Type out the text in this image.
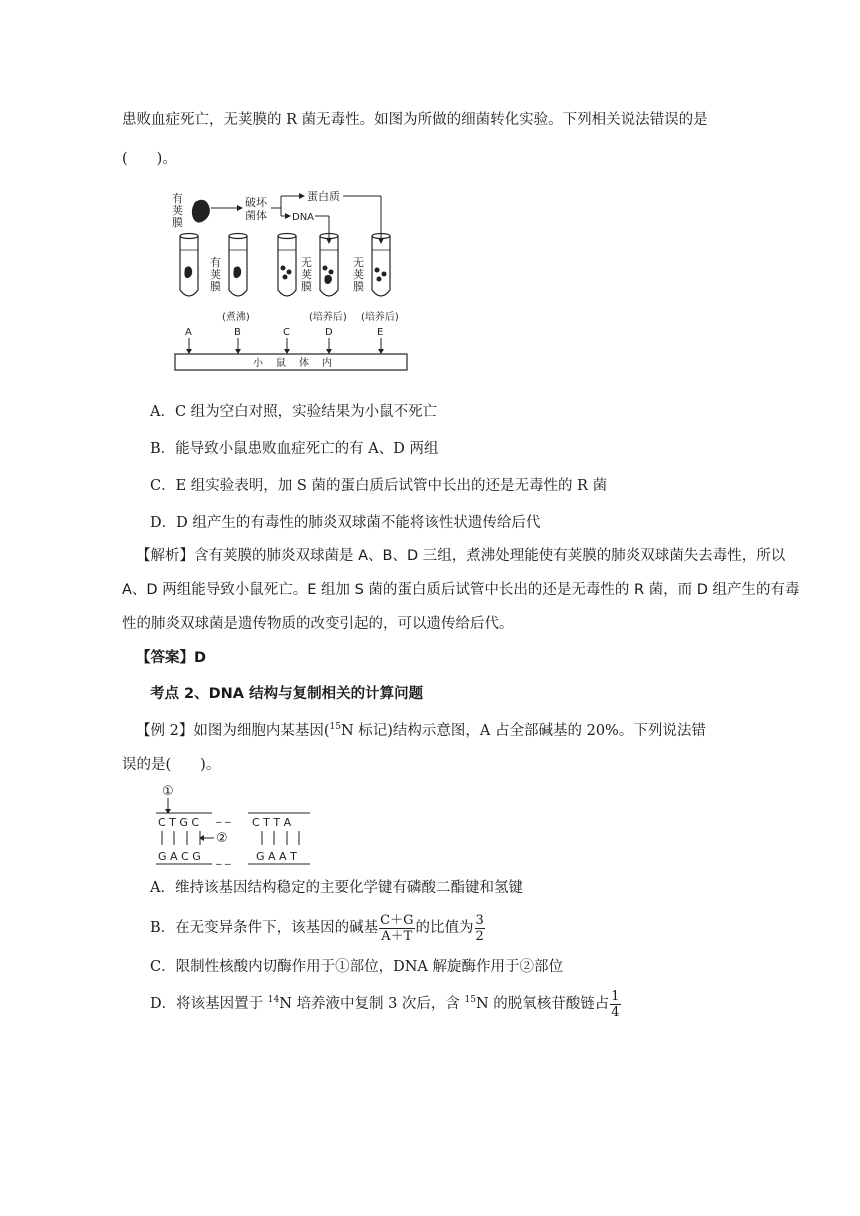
患败血症死亡，无荚膜的 R 菌无毒性。如图为所做的细菌转化实验。下列相关说法错误的是
(　　)。
有
荚
膜
破坏
菌体
蛋白质
DNA
有
荚
膜
无
荚
膜
无
荚
膜
(煮沸)	(培养后) (培养后)
A	B	C	D	E
小 鼠 体 内
A．C 组为空白对照，实验结果为小鼠不死亡
B．能导致小鼠患败血症死亡的有 A、D 两组
C．E 组实验表明，加 S 菌的蛋白质后试管中长出的还是无毒性的 R 菌
D．D 组产生的有毒性的肺炎双球菌不能将该性状遗传给后代
【解析】含有荚膜的肺炎双球菌是 A、B、D 三组，煮沸处理能使有荚膜的肺炎双球菌失去毒性，所以
A、D 两组能导致小鼠死亡。E 组加 S 菌的蛋白质后试管中长出的还是无毒性的 R 菌，而 D 组产生的有毒
性的肺炎双球菌是遗传物质的改变引起的，可以遗传给后代。
【答案】D
考点 2、DNA 结构与复制相关的计算问题
【例 2】如图为细胞内某基因($^{15}$N 标记)结构示意图，A 占全部碱基的 20%。下列说法错
误的是(　　)。
①
C T G C _ _ C T T A
②
G A C G _ _ G A A T
A．维持该基因结构稳定的主要化学键有磷酸二酯键和氢键
B．在无变异条件下，该基因的碱基 $\frac{C+G}{A+T}$ 的比值为 $\frac{3}{2}$
C．限制性核酸内切酶作用于①部位，DNA 解旋酶作用于②部位
D．将该基因置于 $^{14}$N 培养液中复制 3 次后，含 $^{15}$N 的脱氧核苷酸链占 $\frac{1}{4}$
